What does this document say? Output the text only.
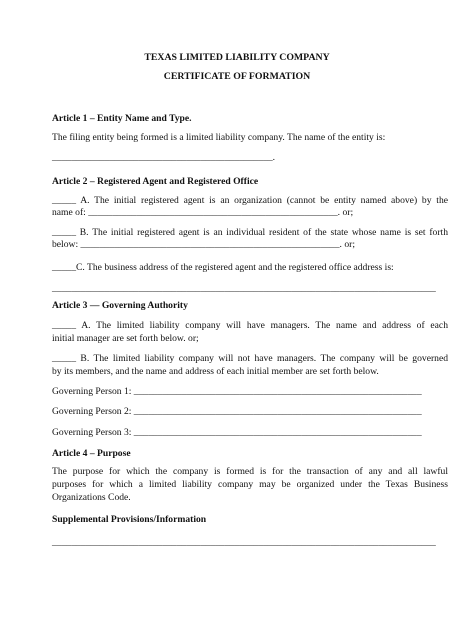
TEXAS LIMITED LIABILITY COMPANY

CERTIFICATE OF FORMATION

Article 1 – Entity Name and Type.

The filing entity being formed is a limited liability company. The name of the entity is:

______________________________________________.

Article 2 – Registered Agent and Registered Office

_____ A. The initial registered agent is an organization (cannot be entity named above) by the

name of: ____________________________________________________. or;

_____ B. The initial registered agent is an individual resident of the state whose name is set forth

below: ______________________________________________________. or;

_____C. The business address of the registered agent and the registered office address is:

________________________________________________________________________________

Article 3 — Governing Authority

_____ A. The limited liability company will have managers. The name and address of each

initial manager are set forth below. or;

_____ B. The limited liability company will not have managers. The company will be governed

by its members, and the name and address of each initial member are set forth below.

Governing Person 1: ____________________________________________________________

Governing Person 2: ____________________________________________________________

Governing Person 3: ____________________________________________________________

Article 4 – Purpose

The purpose for which the company is formed is for the transaction of any and all lawful

purposes for which a limited liability company may be organized under the Texas Business

Organizations Code.

Supplemental Provisions/Information

________________________________________________________________________________
